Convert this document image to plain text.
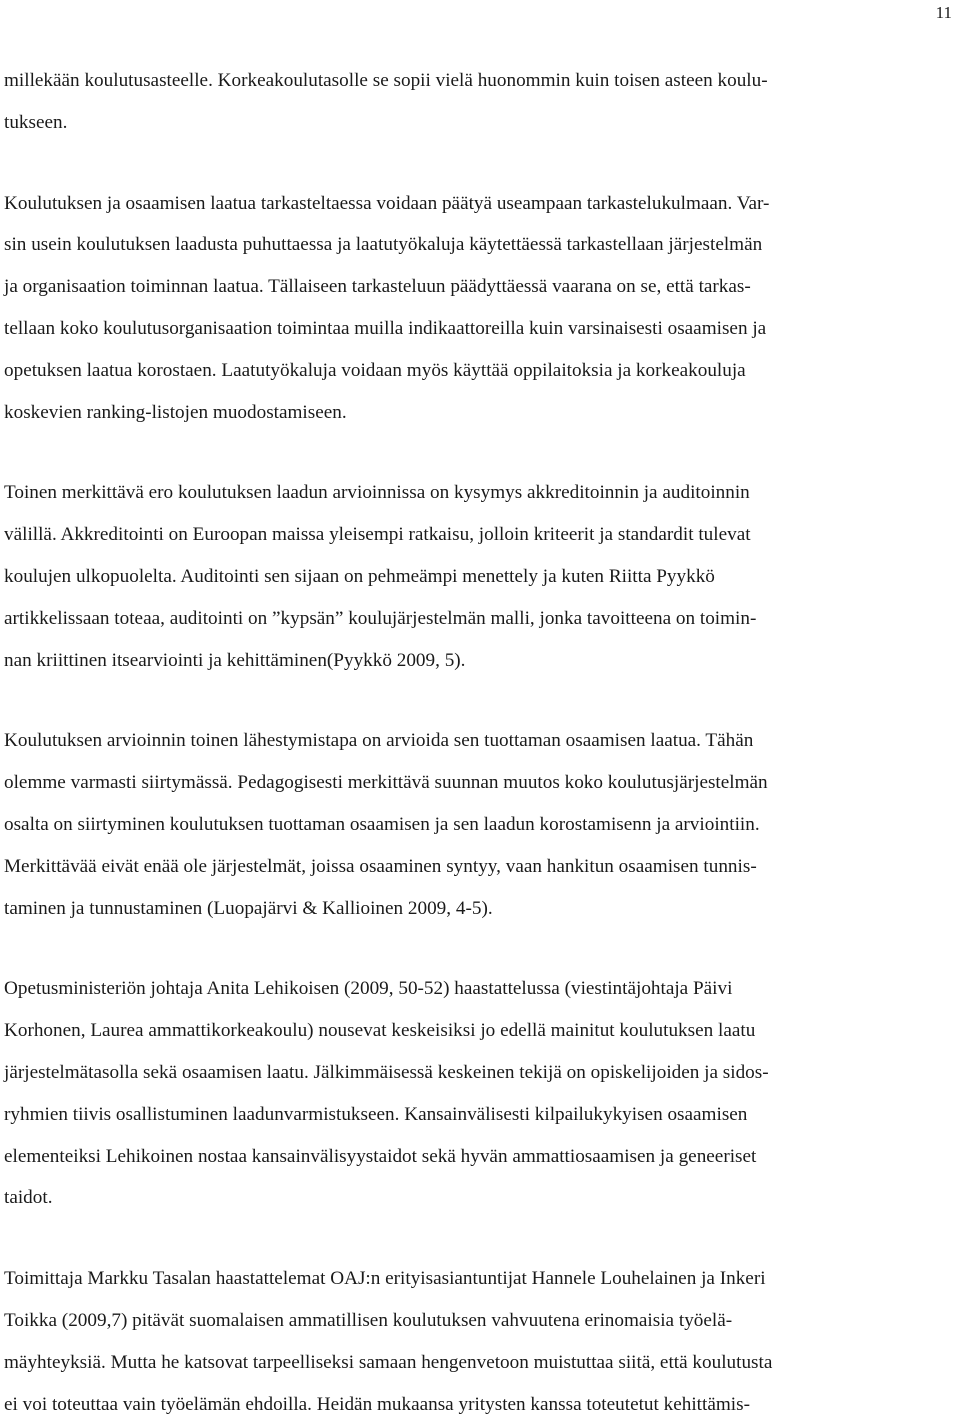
11

millekään koulutusasteelle. Korkeakoulutasolle se sopii vielä huonommin kuin toisen asteen koulu-
tukseen.

Koulutuksen ja osaamisen laatua tarkasteltaessa voidaan päätyä useampaan tarkastelukulmaan. Var-
sin usein koulutuksen laadusta puhuttaessa ja laatutyökaluja käytettäessä tarkastellaan järjestelmän
ja organisaation toiminnan laatua. Tällaiseen tarkasteluun päädyttäessä vaarana on se, että tarkas-
tellaan koko koulutusorganisaation toimintaa muilla indikaattoreilla kuin varsinaisesti osaamisen ja
opetuksen laatua korostaen. Laatutyökaluja voidaan myös käyttää oppilaitoksia ja korkeakouluja
koskevien ranking-listojen muodostamiseen.

Toinen merkittävä ero koulutuksen laadun arvioinnissa on kysymys akkreditoinnin ja auditoinnin
välillä. Akkreditointi on Euroopan maissa yleisempi ratkaisu, jolloin kriteerit ja standardit tulevat
koulujen ulkopuolelta. Auditointi sen sijaan on pehmeämpi menettely ja kuten Riitta Pyykkö
artikkelissaan toteaa, auditointi on ”kypsän” koulujärjestelmän malli, jonka tavoitteena on toimin-
nan kriittinen itsearviointi ja kehittäminen(Pyykkö 2009, 5).

Koulutuksen arvioinnin toinen lähestymistapa on arvioida sen tuottaman osaamisen laatua. Tähän
olemme varmasti siirtymässä. Pedagogisesti merkittävä suunnan muutos koko koulutusjärjestelmän
osalta on siirtyminen koulutuksen tuottaman osaamisen ja sen laadun korostamisenn ja arviointiin.
Merkittävää eivät enää ole järjestelmät, joissa osaaminen syntyy, vaan hankitun osaamisen tunnis-
taminen ja tunnustaminen (Luopajärvi & Kallioinen 2009, 4-5).

Opetusministeriön johtaja Anita Lehikoisen (2009, 50-52) haastattelussa (viestintäjohtaja Päivi
Korhonen, Laurea ammattikorkeakoulu) nousevat keskeisiksi jo edellä mainitut koulutuksen laatu
järjestelmätasolla sekä osaamisen laatu. Jälkimmäisessä keskeinen tekijä on opiskelijoiden ja sidos-
ryhmien tiivis osallistuminen laadunvarmistukseen. Kansainvälisesti kilpailukykyisen osaamisen
elementeiksi Lehikoinen nostaa kansainvälisyystaidot sekä hyvän ammattiosaamisen ja geneeriset
taidot.

Toimittaja Markku Tasalan haastattelemat OAJ:n erityisasiantuntijat Hannele Louhelainen ja Inkeri
Toikka (2009,7) pitävät suomalaisen ammatillisen koulutuksen vahvuutena erinomaisia työelä-
mäyhteyksiä. Mutta he katsovat tarpeelliseksi samaan hengenvetoon muistuttaa siitä, että koulutusta
ei voi toteuttaa vain työelämän ehdoilla. Heidän mukaansa yritysten kanssa toteutetut kehittämis-
